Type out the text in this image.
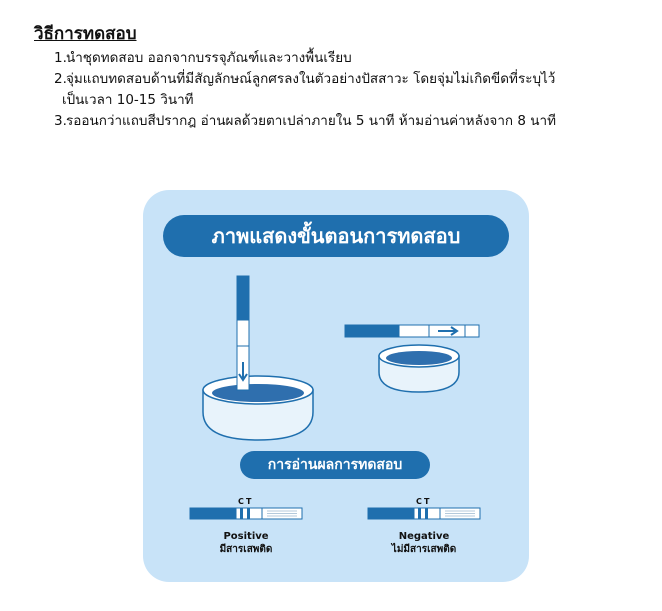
วิธีการทดสอบ
1. นำชุดทดสอบ ออกจากบรรจุภัณฑ์และวางพื้นเรียบ
2. จุ่มแถบทดสอบด้านที่มีสัญลักษณ์ลูกศรลงในตัวอย่างปัสสาวะ โดยจุ่มไม่เกิดขีดที่ระบุไว้
เป็นเวลา 10-15 วินาที
3. รออนกว่าแถบสีปรากฎ อ่านผลด้วยตาเปล่าภายใน 5 นาที ห้ามอ่านค่าหลังจาก 8 นาที
ภาพแสดงขั้นตอนการทดสอบ
การอ่านผลการทดสอบ
C T	C T
Positive
มีสารเสพติด
Negative
ไม่มีสารเสพติด
